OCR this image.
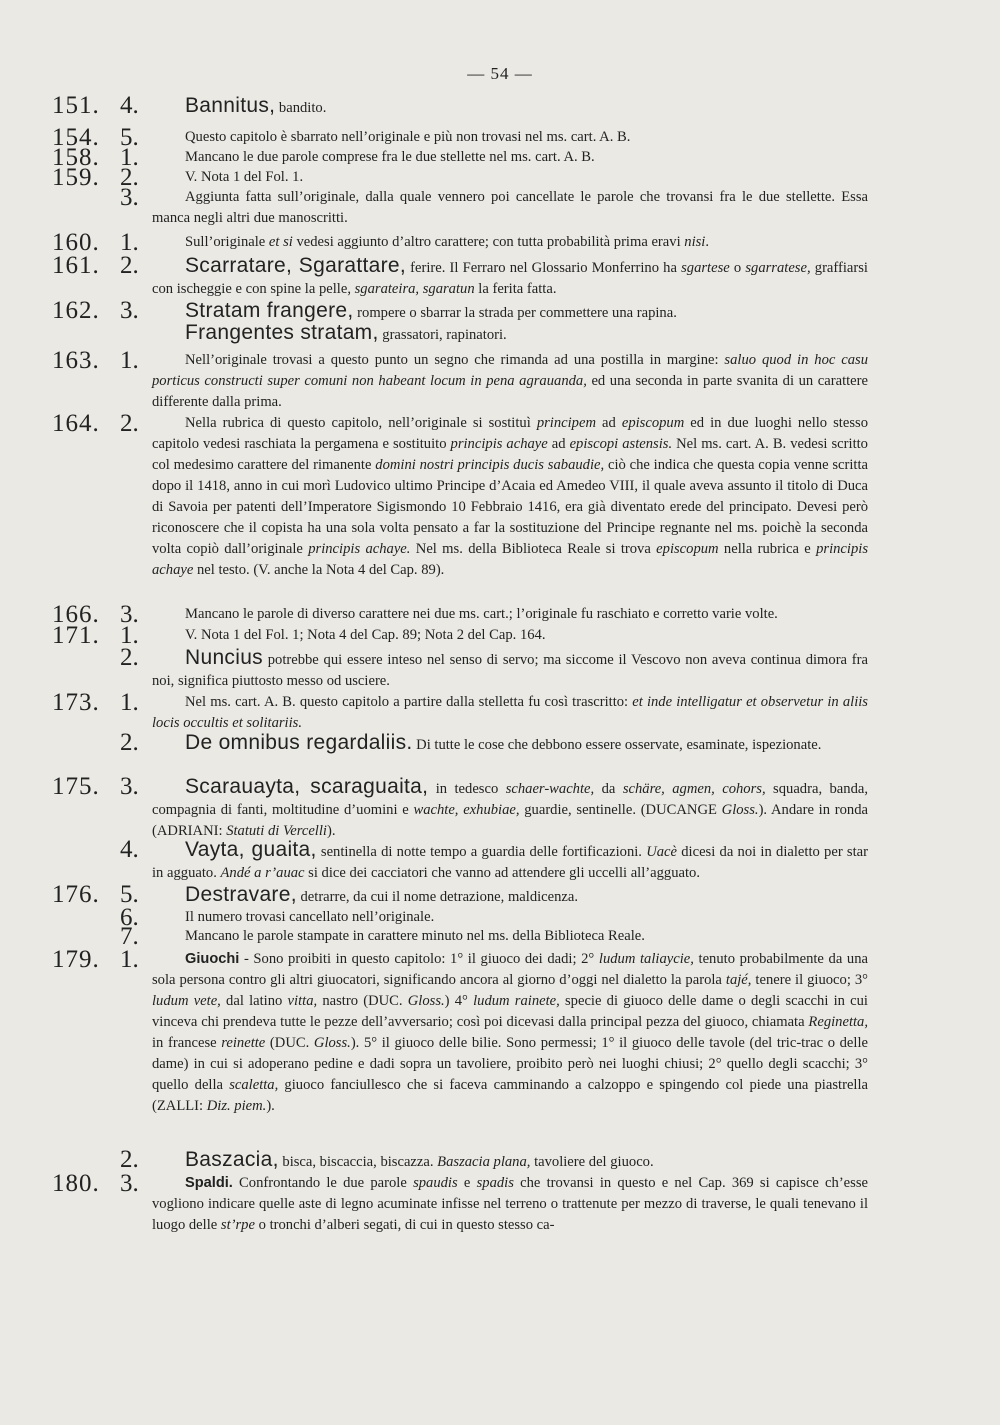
— 54 —
151. 4.	Bannitus, bandito.
154. 5.	Questo capitolo è sbarrato nell’originale e più non trovasi nel ms. cart. A. B.
158. 1.	Mancano le due parole comprese fra le due stellette nel ms. cart. A. B.
159. 2.	V. Nota 1 del Fol. 1.
3.	Aggiunta fatta sull’originale, dalla quale vennero poi cancellate le parole che trovansi fra le due stellette. Essa manca negli altri due manoscritti.
160. 1.	Sull’originale et si vedesi aggiunto d’altro carattere; con tutta probabilità prima eravi nisi.
161. 2.	Scarratare, Sgarattare, ferire. Il Ferraro nel Glossario Monferrino ha sgartese o sgarratese, graffiarsi con ischeggie e con spine la pelle, sgarateira, sgaratun la ferita fatta.
162. 3.	Stratam frangere, rompere o sbarrar la strada per commettere una rapina.
Frangentes stratam, grassatori, rapinatori.
163. 1.	Nell’originale trovasi a questo punto un segno che rimanda ad una postilla in margine: saluo quod in hoc casu porticus constructi super comuni non habeant locum in pena agrauanda, ed una seconda in parte svanita di un carattere differente dalla prima.
164. 2.	Nella rubrica di questo capitolo, nell’originale si sostituì principem ad episcopum ed in due luoghi nello stesso capitolo vedesi raschiata la pergamena e sostituito principis achaye ad episcopi astensis. Nel ms. cart. A. B. vedesi scritto col medesimo carattere del rimanente domini nostri principis ducis sabaudie, ciò che indica che questa copia venne scritta dopo il 1418, anno in cui morì Ludovico ultimo Principe d’Acaia ed Amedeo VIII, il quale aveva assunto il titolo di Duca di Savoia per patenti dell’Imperatore Sigismondo 10 Febbraio 1416, era già diventato erede del principato. Devesi però riconoscere che il copista ha una sola volta pensato a far la sostituzione del Principe regnante nel ms. poichè la seconda volta copiò dall’originale principis achaye. Nel ms. della Biblioteca Reale si trova episcopum nella rubrica e principis achaye nel testo. (V. anche la Nota 4 del Cap. 89).
166. 3.	Mancano le parole di diverso carattere nei due ms. cart.; l’originale fu raschiato e corretto varie volte.
171. 1.	V. Nota 1 del Fol. 1; Nota 4 del Cap. 89; Nota 2 del Cap. 164.
2.	Nuncius potrebbe qui essere inteso nel senso di servo; ma siccome il Vescovo non aveva continua dimora fra noi, significa piuttosto messo od usciere.
173. 1.	Nel ms. cart. A. B. questo capitolo a partire dalla stelletta fu così trascritto: et inde intelligatur et observetur in aliis locis occultis et solitariis.
2.	De omnibus regardaliis. Di tutte le cose che debbono essere osservate, esaminate, ispezionate.
175. 3.	Scarauayta, scaraguaita, in tedesco schaer-wachte, da schäre, agmen, cohors, squadra, banda, compagnia di fanti, moltitudine d’uomini e wachte, exhubiae, guardie, sentinelle. (DUCANGE Gloss.). Andare in ronda (ADRIANI: Statuti di Vercelli).
4.	Vayta, guaita, sentinella di notte tempo a guardia delle fortificazioni. Uacè dicesi da noi in dialetto per star in agguato. Andé a r’auac si dice dei cacciatori che vanno ad attendere gli uccelli all’agguato.
176. 5.	Destravare, detrarre, da cui il nome detrazione, maldicenza.
6.	Il numero trovasi cancellato nell’originale.
7.	Mancano le parole stampate in carattere minuto nel ms. della Biblioteca Reale.
179. 1.	Giuochi - Sono proibiti in questo capitolo: 1° il giuoco dei dadi; 2° ludum taliaycie, tenuto probabilmente da una sola persona contro gli altri giuocatori, significando ancora al giorno d’oggi nel dialetto la parola tajé, tenere il giuoco; 3° ludum vete, dal latino vitta, nastro (DUC. Gloss.) 4° ludum rainete, specie di giuoco delle dame o degli scacchi in cui vinceva chi prendeva tutte le pezze dell’avversario; così poi dicevasi dalla principal pezza del giuoco, chiamata Reginetta, in francese reinette (DUC. Gloss.). 5° il giuoco delle bilie. Sono permessi; 1° il giuoco delle tavole (del tric-trac o delle dame) in cui si adoperano pedine e dadi sopra un tavoliere, proibito però nei luoghi chiusi; 2° quello degli scacchi; 3° quello della scaletta, giuoco fanciullesco che si faceva camminando a calzoppo e spingendo col piede una piastrella (ZALLI: Diz. piem.).
2.	Baszacia, bisca, biscaccia, biscazza. Baszacia plana, tavoliere del giuoco.
180. 3.	Spaldi. Confrontando le due parole spaudis e spadis che trovansi in questo e nel Cap. 369 si capisce ch’esse vogliono indicare quelle aste di legno acuminate infisse nel terreno o trattenute per mezzo di traverse, le quali tenevano il luogo delle st’rpe o tronchi d’alberi segati, di cui in questo stesso ca-
